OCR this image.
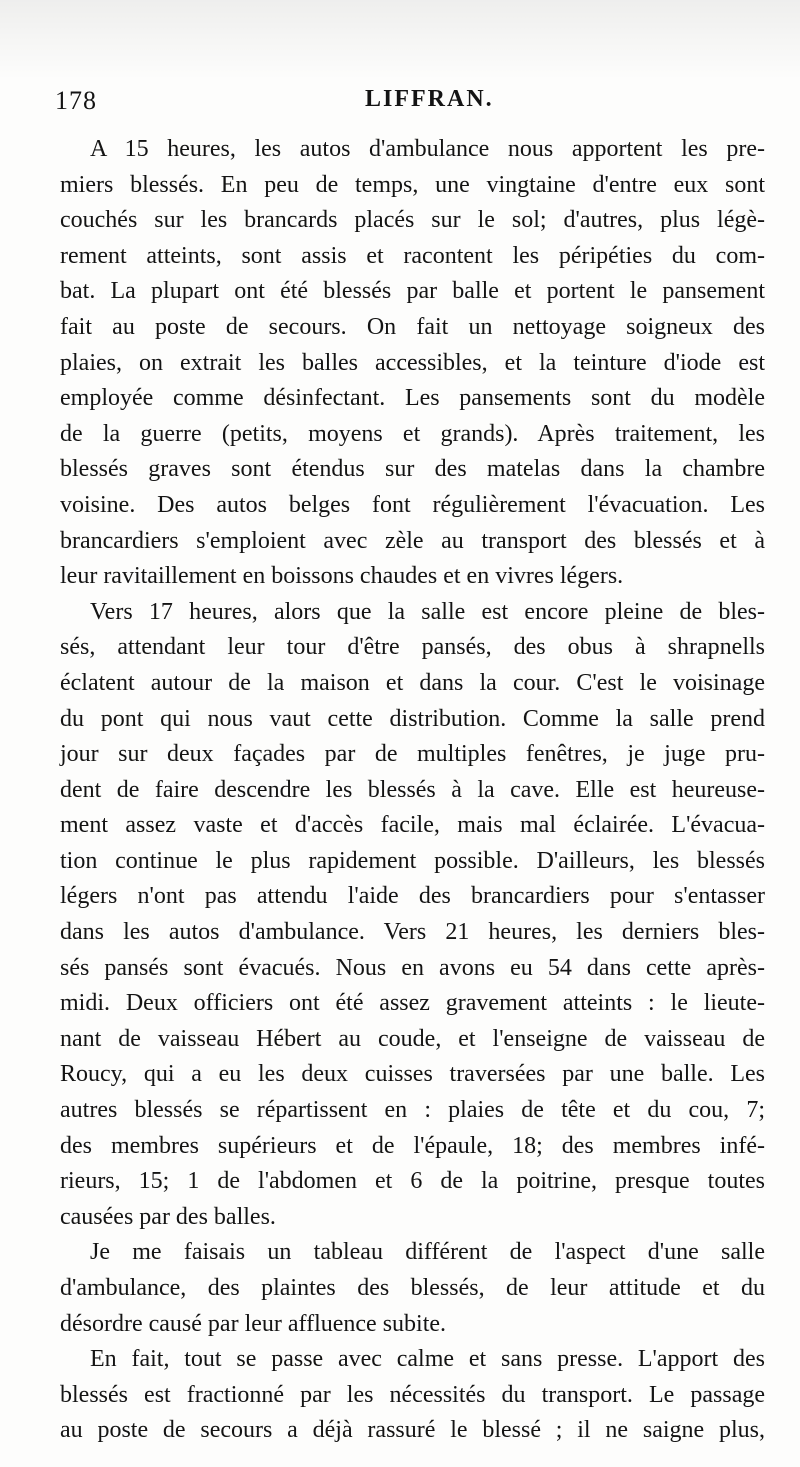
178	LIFFRAN.
A 15 heures, les autos d'ambulance nous apportent les pre-
miers blessés. En peu de temps, une vingtaine d'entre eux sont
couchés sur les brancards placés sur le sol; d'autres, plus légè-
rement atteints, sont assis et racontent les péripéties du com-
bat. La plupart ont été blessés par balle et portent le pansement
fait au poste de secours. On fait un nettoyage soigneux des
plaies, on extrait les balles accessibles, et la teinture d'iode est
employée comme désinfectant. Les pansements sont du modèle
de la guerre (petits, moyens et grands). Après traitement, les
blessés graves sont étendus sur des matelas dans la chambre
voisine. Des autos belges font régulièrement l'évacuation. Les
brancardiers s'emploient avec zèle au transport des blessés et à
leur ravitaillement en boissons chaudes et en vivres légers.
Vers 17 heures, alors que la salle est encore pleine de bles-
sés, attendant leur tour d'être pansés, des obus à shrapnells
éclatent autour de la maison et dans la cour. C'est le voisinage
du pont qui nous vaut cette distribution. Comme la salle prend
jour sur deux façades par de multiples fenêtres, je juge pru-
dent de faire descendre les blessés à la cave. Elle est heureuse-
ment assez vaste et d'accès facile, mais mal éclairée. L'évacua-
tion continue le plus rapidement possible. D'ailleurs, les blessés
légers n'ont pas attendu l'aide des brancardiers pour s'entasser
dans les autos d'ambulance. Vers 21 heures, les derniers bles-
sés pansés sont évacués. Nous en avons eu 54 dans cette après-
midi. Deux officiers ont été assez gravement atteints : le lieute-
nant de vaisseau Hébert au coude, et l'enseigne de vaisseau de
Roucy, qui a eu les deux cuisses traversées par une balle. Les
autres blessés se répartissent en : plaies de tête et du cou, 7;
des membres supérieurs et de l'épaule, 18; des membres infé-
rieurs, 15; 1 de l'abdomen et 6 de la poitrine, presque toutes
causées par des balles.
Je me faisais un tableau différent de l'aspect d'une salle
d'ambulance, des plaintes des blessés, de leur attitude et du
désordre causé par leur affluence subite.
En fait, tout se passe avec calme et sans presse. L'apport des
blessés est fractionné par les nécessités du transport. Le passage
au poste de secours a déjà rassuré le blessé ; il ne saigne plus,
